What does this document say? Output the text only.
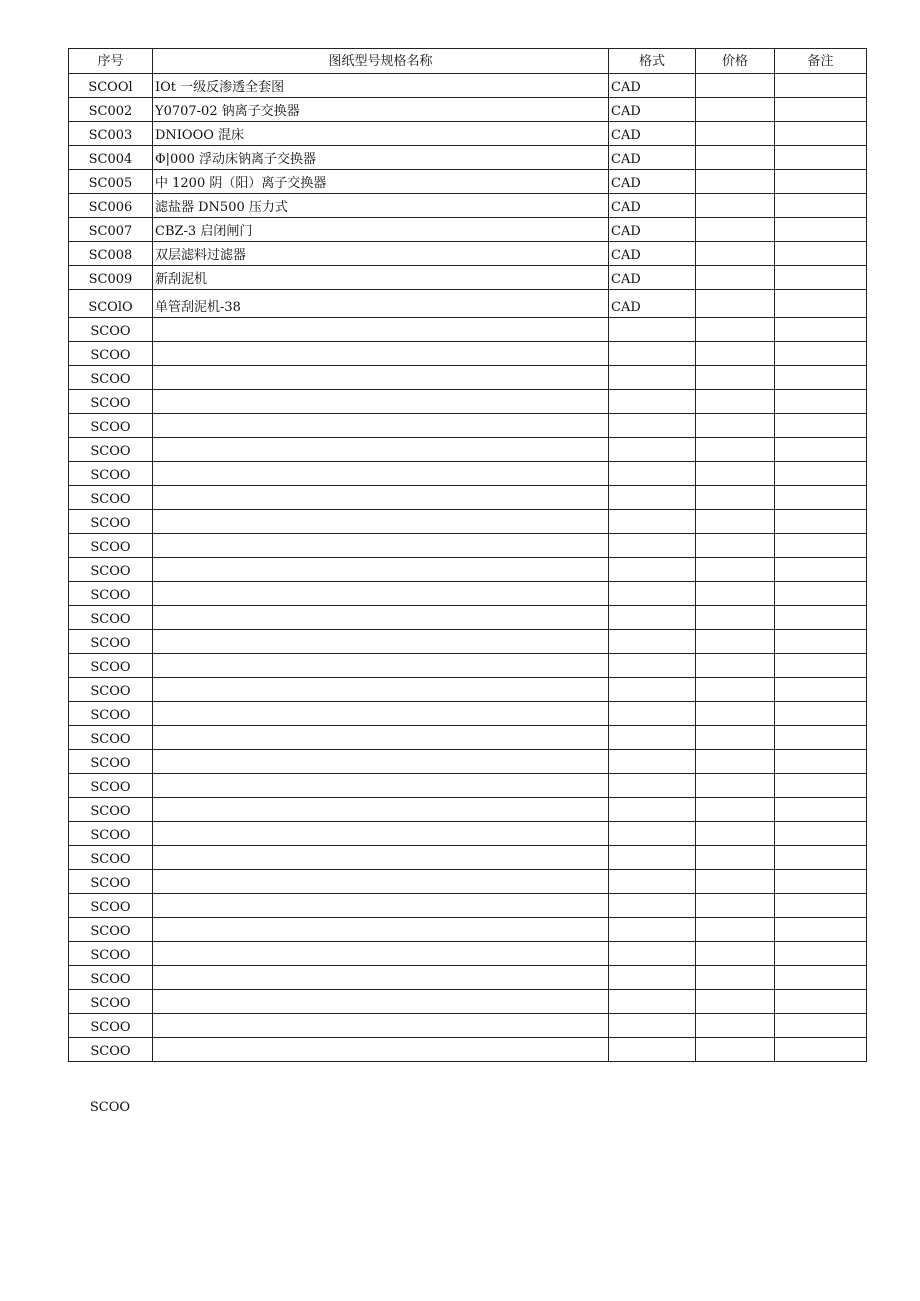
序号	图纸型号规格名称	格式	价格	备注
SCOOl	IOt 一级反渗透全套图	CAD		
SC002	Y0707-02 钠离子交换器	CAD		
SC003	DNIOOO 混床	CAD		
SC004	Φ|000 浮动床钠离子交换器	CAD		
SC005	中 1200 阴（阳）离子交换器	CAD		
SC006	滤盐器 DN500 压力式	CAD		
SC007	CBZ-3 启闭闸门	CAD		
SC008	双层滤料过滤器	CAD		
SC009	新刮泥机	CAD		
SCOlO	单管刮泥机-38	CAD		
SCOO				
SCOO				
SCOO				
SCOO				
SCOO				
SCOO				
SCOO				
SCOO				
SCOO				
SCOO				
SCOO				
SCOO				
SCOO				
SCOO				
SCOO				
SCOO				
SCOO				
SCOO				
SCOO				
SCOO				
SCOO				
SCOO				
SCOO				
SCOO				
SCOO				
SCOO				
SCOO				
SCOO				
SCOO				
SCOO				
SCOO				
SCOO
